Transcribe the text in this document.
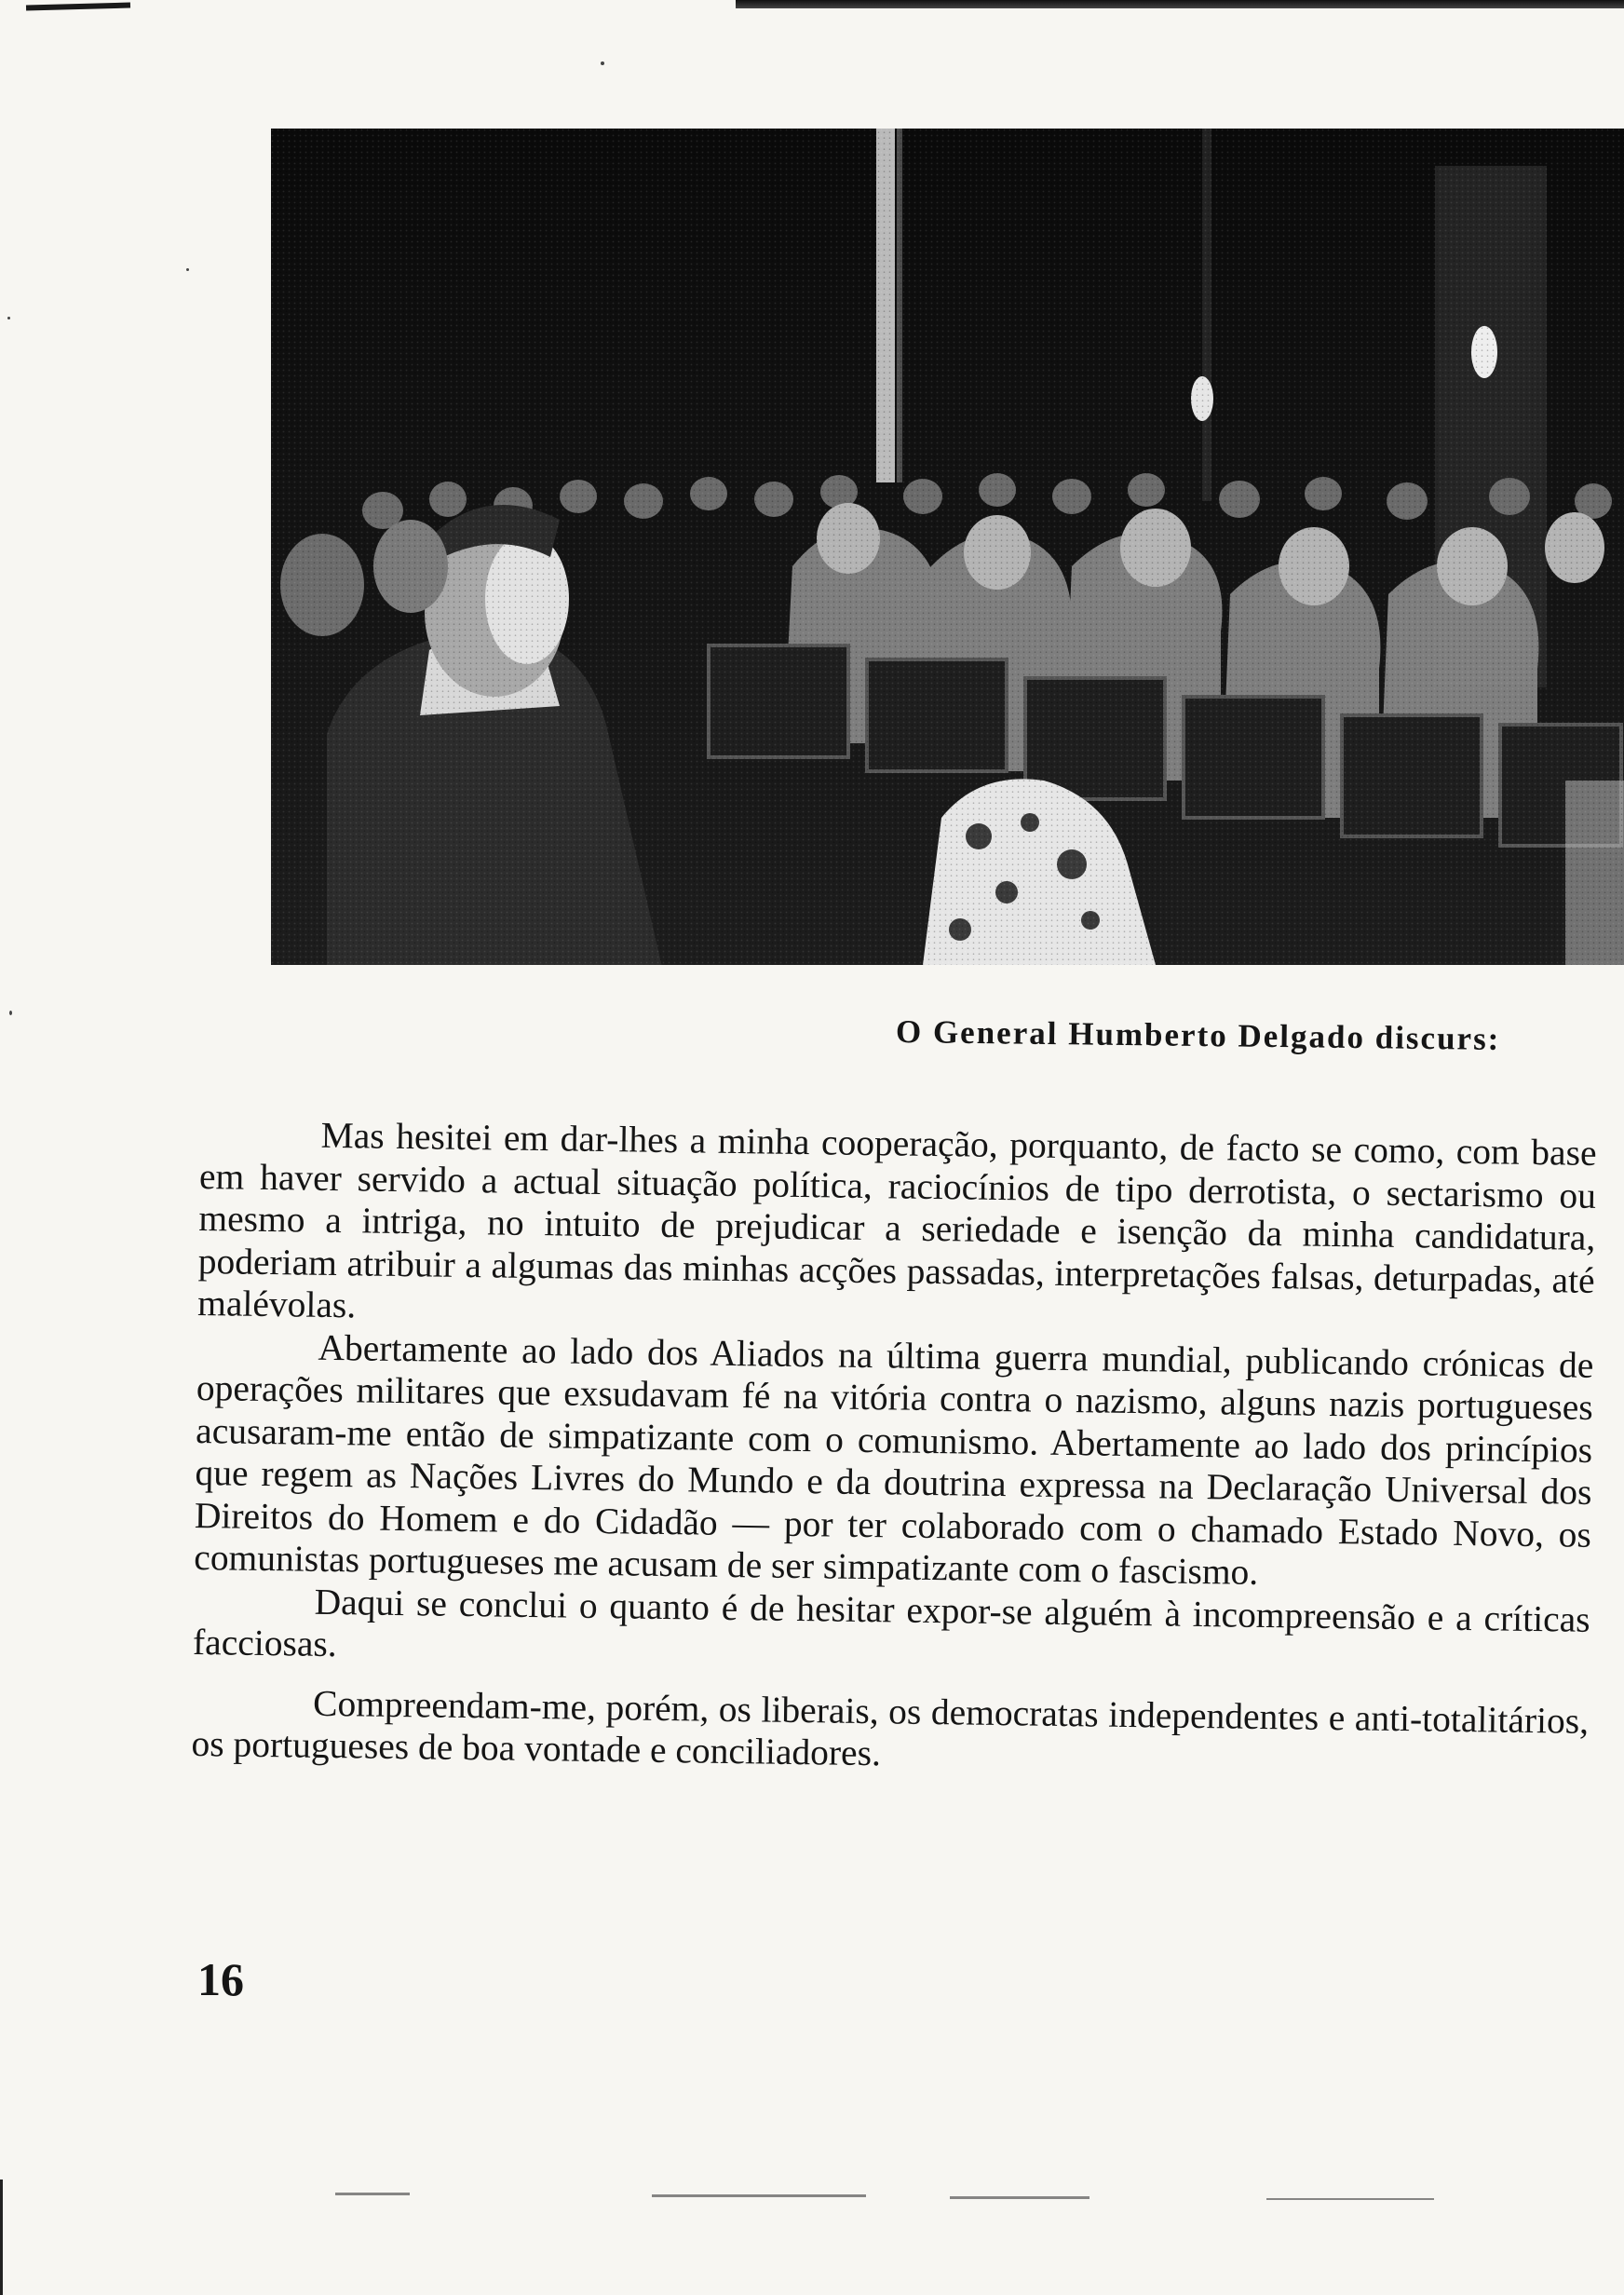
O General Humberto Delgado discurs:

Mas hesitei em dar-lhes a minha cooperação, porquanto, de facto se como, com base em haver servido a actual situação política, raciocínios de tipo derrotista, o sectarismo ou mesmo a intriga, no intuito de prejudicar a seriedade e isenção da minha candidatura, poderiam atribuir a algumas das minhas acções passadas, interpretações falsas, deturpadas, até malévolas.

Abertamente ao lado dos Aliados na última guerra mundial, publicando crónicas de operações militares que exsudavam fé na vitória contra o nazismo, alguns nazis portugueses acusaram-me então de simpatizante com o comunismo. Abertamente ao lado dos princípios que regem as Nações Livres do Mundo e da doutrina expressa na Declaração Universal dos Direitos do Homem e do Cidadão — por ter colaborado com o chamado Estado Novo, os comunistas portugueses me acusam de ser simpatizante com o fascismo.

Daqui se conclui o quanto é de hesitar expor-se alguém à incompreensão e a críticas facciosas.

Compreendam-me, porém, os liberais, os democratas independentes e anti-totalitários, os portugueses de boa vontade e conciliadores.

16
